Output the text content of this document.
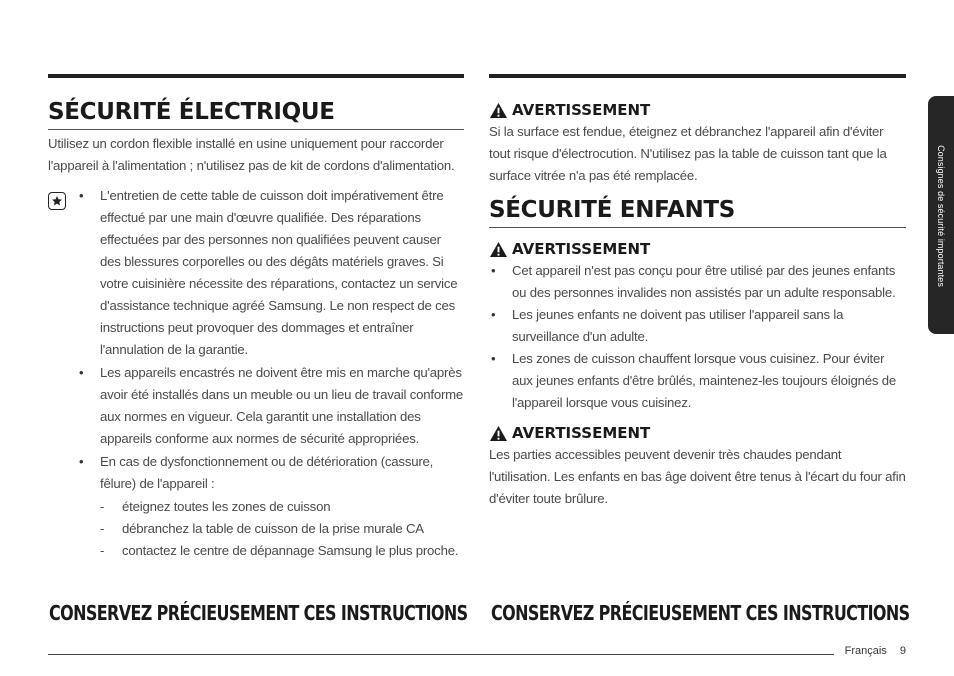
SÉCURITÉ ÉLECTRIQUE

Utilisez un cordon flexible installé en usine uniquement pour raccorder l'appareil à l'alimentation ; n'utilisez pas de kit de cordons d'alimentation.

• L'entretien de cette table de cuisson doit impérativement être effectué par une main d'œuvre qualifiée. Des réparations effectuées par des personnes non qualifiées peuvent causer des blessures corporelles ou des dégâts matériels graves. Si votre cuisinière nécessite des réparations, contactez un service d'assistance technique agréé Samsung. Le non respect de ces instructions peut provoquer des dommages et entraîner l'annulation de la garantie.
• Les appareils encastrés ne doivent être mis en marche qu'après avoir été installés dans un meuble ou un lieu de travail conforme aux normes en vigueur. Cela garantit une installation des appareils conforme aux normes de sécurité appropriées.
• En cas de dysfonctionnement ou de détérioration (cassure, fêlure) de l'appareil :
- éteignez toutes les zones de cuisson
- débranchez la table de cuisson de la prise murale CA
- contactez le centre de dépannage Samsung le plus proche.
AVERTISSEMENT

Si la surface est fendue, éteignez et débranchez l'appareil afin d'éviter tout risque d'électrocution. N'utilisez pas la table de cuisson tant que la surface vitrée n'a pas été remplacée.

SÉCURITÉ ENFANTS
AVERTISSEMENT
• Cet appareil n'est pas conçu pour être utilisé par des jeunes enfants ou des personnes invalides non assistés par un adulte responsable.
• Les jeunes enfants ne doivent pas utiliser l'appareil sans la surveillance d'un adulte.
• Les zones de cuisson chauffent lorsque vous cuisinez. Pour éviter aux jeunes enfants d'être brûlés, maintenez-les toujours éloignés de l'appareil lorsque vous cuisinez.
AVERTISSEMENT

Les parties accessibles peuvent devenir très chaudes pendant l'utilisation. Les enfants en bas âge doivent être tenus à l'écart du four afin d'éviter toute brûlure.

CONSERVEZ PRÉCIEUSEMENT CES INSTRUCTIONS CONSERVEZ PRÉCIEUSEMENT CES INSTRUCTIONS
Consignes de sécurité importantes
Français 9
